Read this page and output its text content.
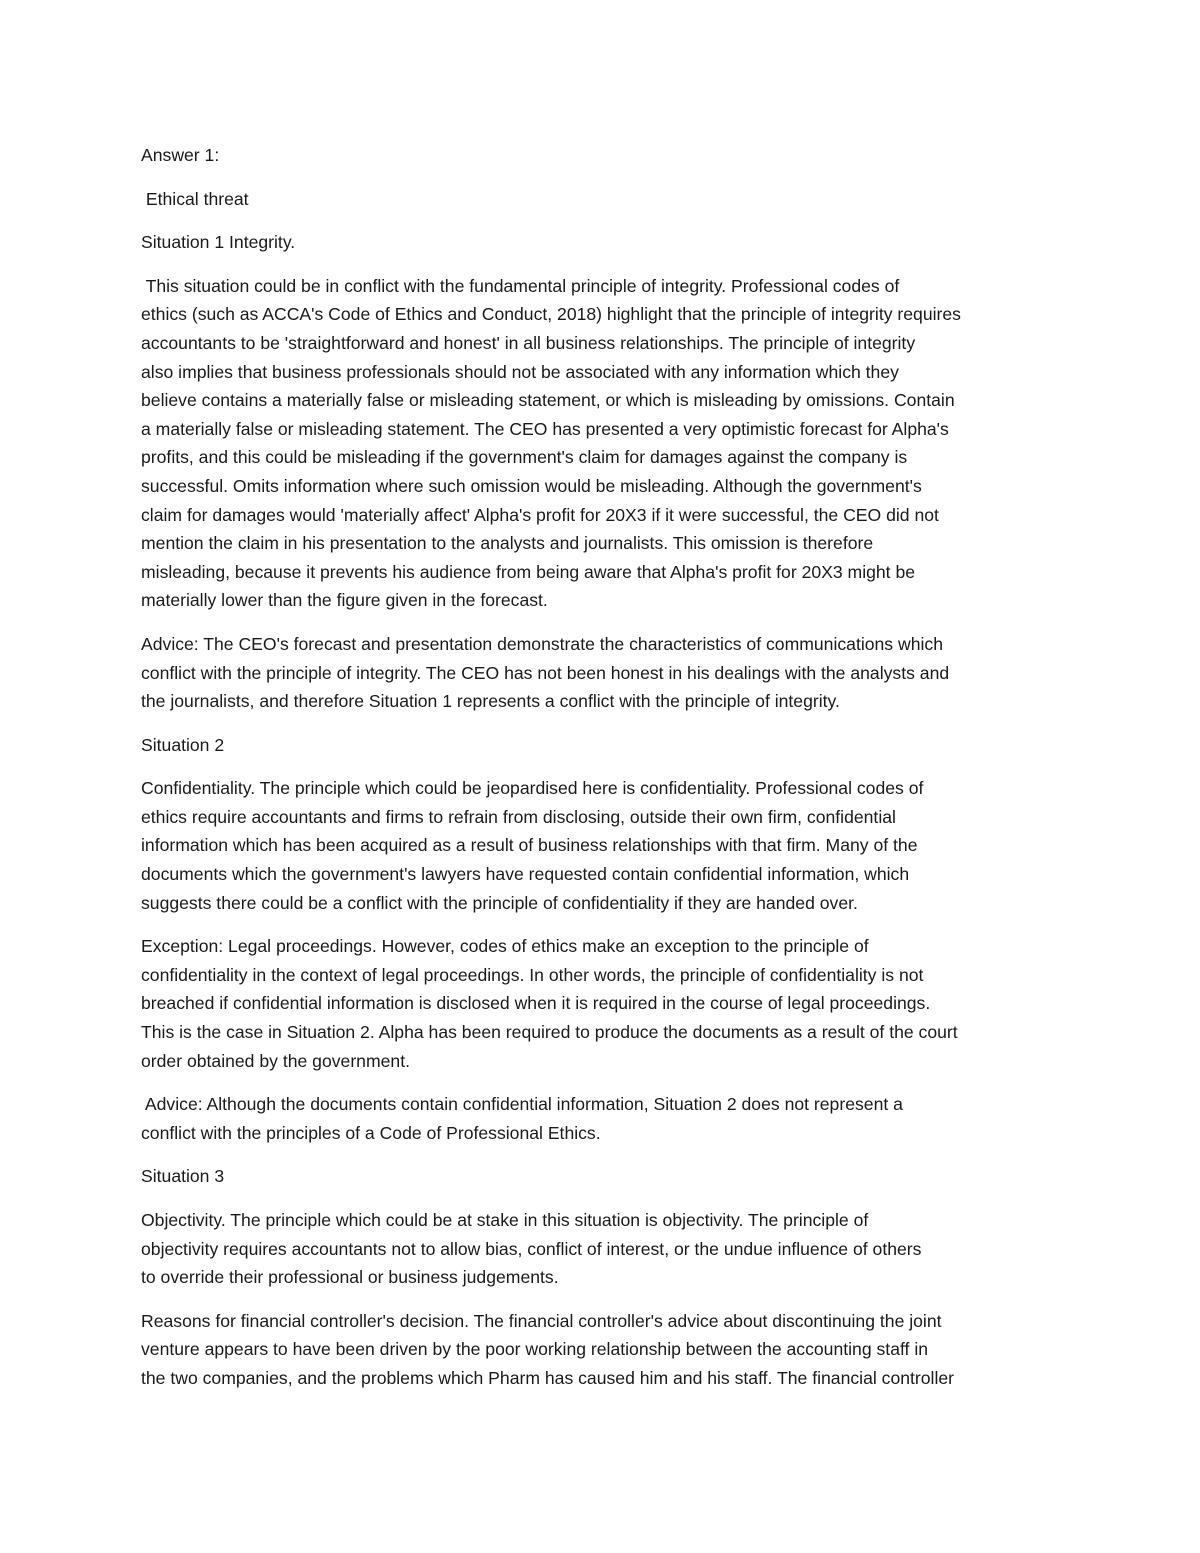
Answer 1:

Ethical threat

Situation 1 Integrity.

This situation could be in conflict with the fundamental principle of integrity. Professional codes of
ethics (such as ACCA's Code of Ethics and Conduct, 2018) highlight that the principle of integrity requires
accountants to be 'straightforward and honest' in all business relationships. The principle of integrity
also implies that business professionals should not be associated with any information which they
believe contains a materially false or misleading statement, or which is misleading by omissions. Contain
a materially false or misleading statement. The CEO has presented a very optimistic forecast for Alpha's
profits, and this could be misleading if the government's claim for damages against the company is
successful. Omits information where such omission would be misleading. Although the government's
claim for damages would 'materially affect' Alpha's profit for 20X3 if it were successful, the CEO did not
mention the claim in his presentation to the analysts and journalists. This omission is therefore
misleading, because it prevents his audience from being aware that Alpha's profit for 20X3 might be
materially lower than the figure given in the forecast.

Advice: The CEO's forecast and presentation demonstrate the characteristics of communications which
conflict with the principle of integrity. The CEO has not been honest in his dealings with the analysts and
the journalists, and therefore Situation 1 represents a conflict with the principle of integrity.

Situation 2

Confidentiality. The principle which could be jeopardised here is confidentiality. Professional codes of
ethics require accountants and firms to refrain from disclosing, outside their own firm, confidential
information which has been acquired as a result of business relationships with that firm. Many of the
documents which the government's lawyers have requested contain confidential information, which
suggests there could be a conflict with the principle of confidentiality if they are handed over.

Exception: Legal proceedings. However, codes of ethics make an exception to the principle of
confidentiality in the context of legal proceedings. In other words, the principle of confidentiality is not
breached if confidential information is disclosed when it is required in the course of legal proceedings.
This is the case in Situation 2. Alpha has been required to produce the documents as a result of the court
order obtained by the government.

Advice: Although the documents contain confidential information, Situation 2 does not represent a
conflict with the principles of a Code of Professional Ethics.

Situation 3

Objectivity. The principle which could be at stake in this situation is objectivity. The principle of
objectivity requires accountants not to allow bias, conflict of interest, or the undue influence of others
to override their professional or business judgements.

Reasons for financial controller's decision. The financial controller's advice about discontinuing the joint
venture appears to have been driven by the poor working relationship between the accounting staff in
the two companies, and the problems which Pharm has caused him and his staff. The financial controller
